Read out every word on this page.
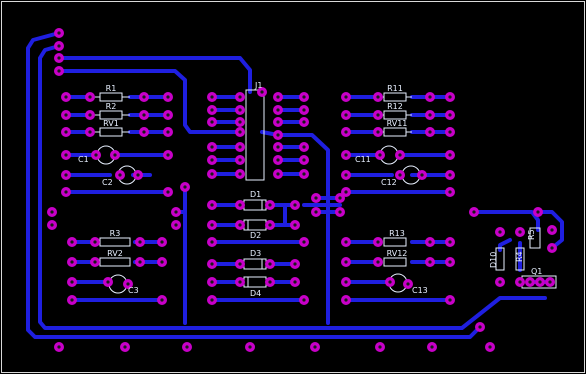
R1
R2
RV1
C1
C2
R3
RV2
C3
J1
D1
D2
D3
D4
R11
R12
RV11
C11
C12
R13
RV12
C13
D10 R4
R5
Q1
